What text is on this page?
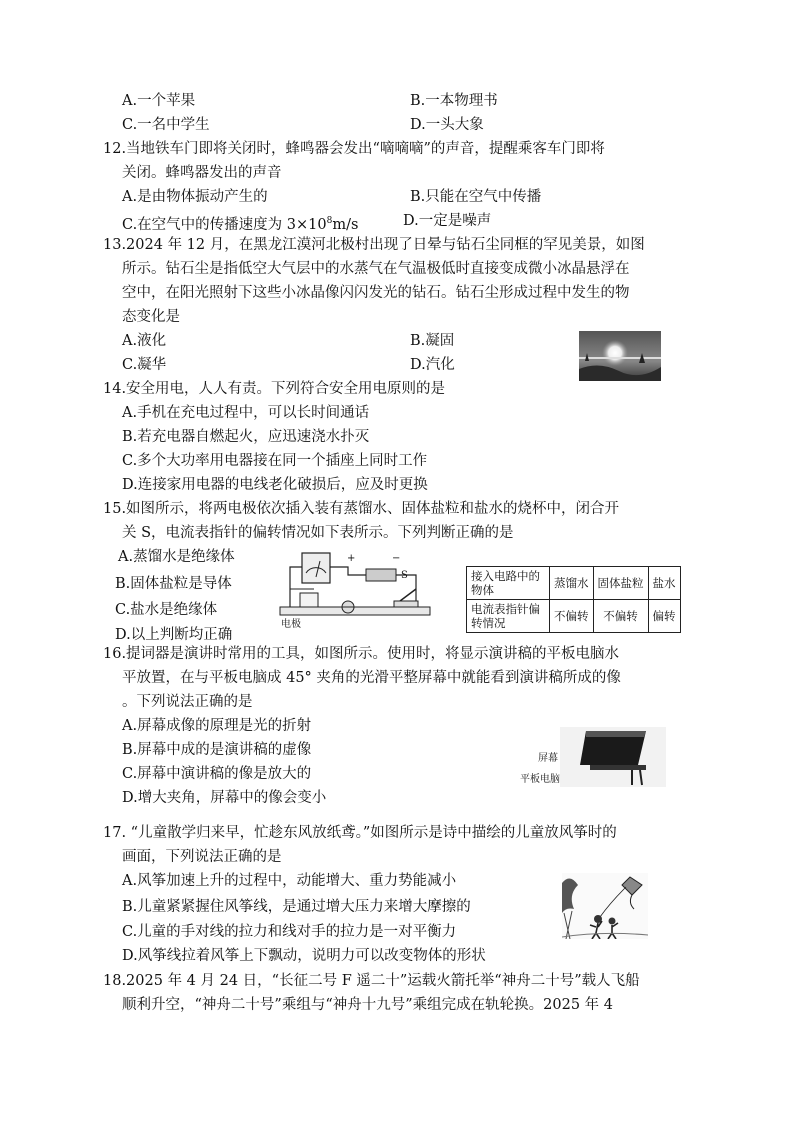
A.一个苹果	B.一本物理书
C.一名中学生	D.一头大象
12.当地铁车门即将关闭时，蜂鸣器会发出“嘀嘀嘀”的声音，提醒乘客车门即将
关闭。蜂鸣器发出的声音
A.是由物体振动产生的	B.只能在空气中传播
C.在空气中的传播速度为 $3\times 10^8m/s$	D.一定是噪声
13.2024 年 12 月，在黑龙江漠河北极村出现了日晕与钻石尘同框的罕见美景，如图
所示。钻石尘是指低空大气层中的水蒸气在气温极低时直接变成微小冰晶悬浮在
空中，在阳光照射下这些小冰晶像闪闪发光的钻石。钻石尘形成过程中发生的物
态变化是
A.液化	B.凝固
C.凝华	D.汽化
14.安全用电，人人有责。下列符合安全用电原则的是
A.手机在充电过程中，可以长时间通话
B.若充电器自燃起火，应迅速浇水扑灭
C.多个大功率用电器接在同一个插座上同时工作
D.连接家用电器的电线老化破损后，应及时更换
15.如图所示，将两电极依次插入装有蒸馏水、固体盐粒和盐水的烧杯中，闭合开
关 S，电流表指针的偏转情况如下表所示。下列判断正确的是
A.蒸馏水是绝缘体
B.固体盐粒是导体
C.盐水是绝缘体
D.以上判断均正确
+	−
S
电极
接入电路中的物体	蒸馏水	固体盐粒	盐水
电流表指针偏转情况	不偏转	不偏转	偏转
16.提词器是演讲时常用的工具，如图所示。使用时，将显示演讲稿的平板电脑水
平放置，在与平板电脑成 45° 夹角的光滑平整屏幕中就能看到演讲稿所成的像
。下列说法正确的是
A.屏幕成像的原理是光的折射
B.屏幕中成的是演讲稿的虚像
C.屏幕中演讲稿的像是放大的
D.增大夹角，屏幕中的像会变小
屏幕
平板电脑
17. “儿童散学归来早，忙趁东风放纸鸢。”如图所示是诗中描绘的儿童放风筝时的
画面，下列说法正确的是
A.风筝加速上升的过程中，动能增大、重力势能减小
B.儿童紧紧握住风筝线，是通过增大压力来增大摩擦的
C.儿童的手对线的拉力和线对手的拉力是一对平衡力
D.风筝线拉着风筝上下飘动，说明力可以改变物体的形状
18.2025 年 4 月 24 日，“长征二号 F 遥二十”运载火箭托举“神舟二十号”载人飞船
顺利升空，“神舟二十号”乘组与“神舟十九号”乘组完成在轨轮换。2025 年 4
